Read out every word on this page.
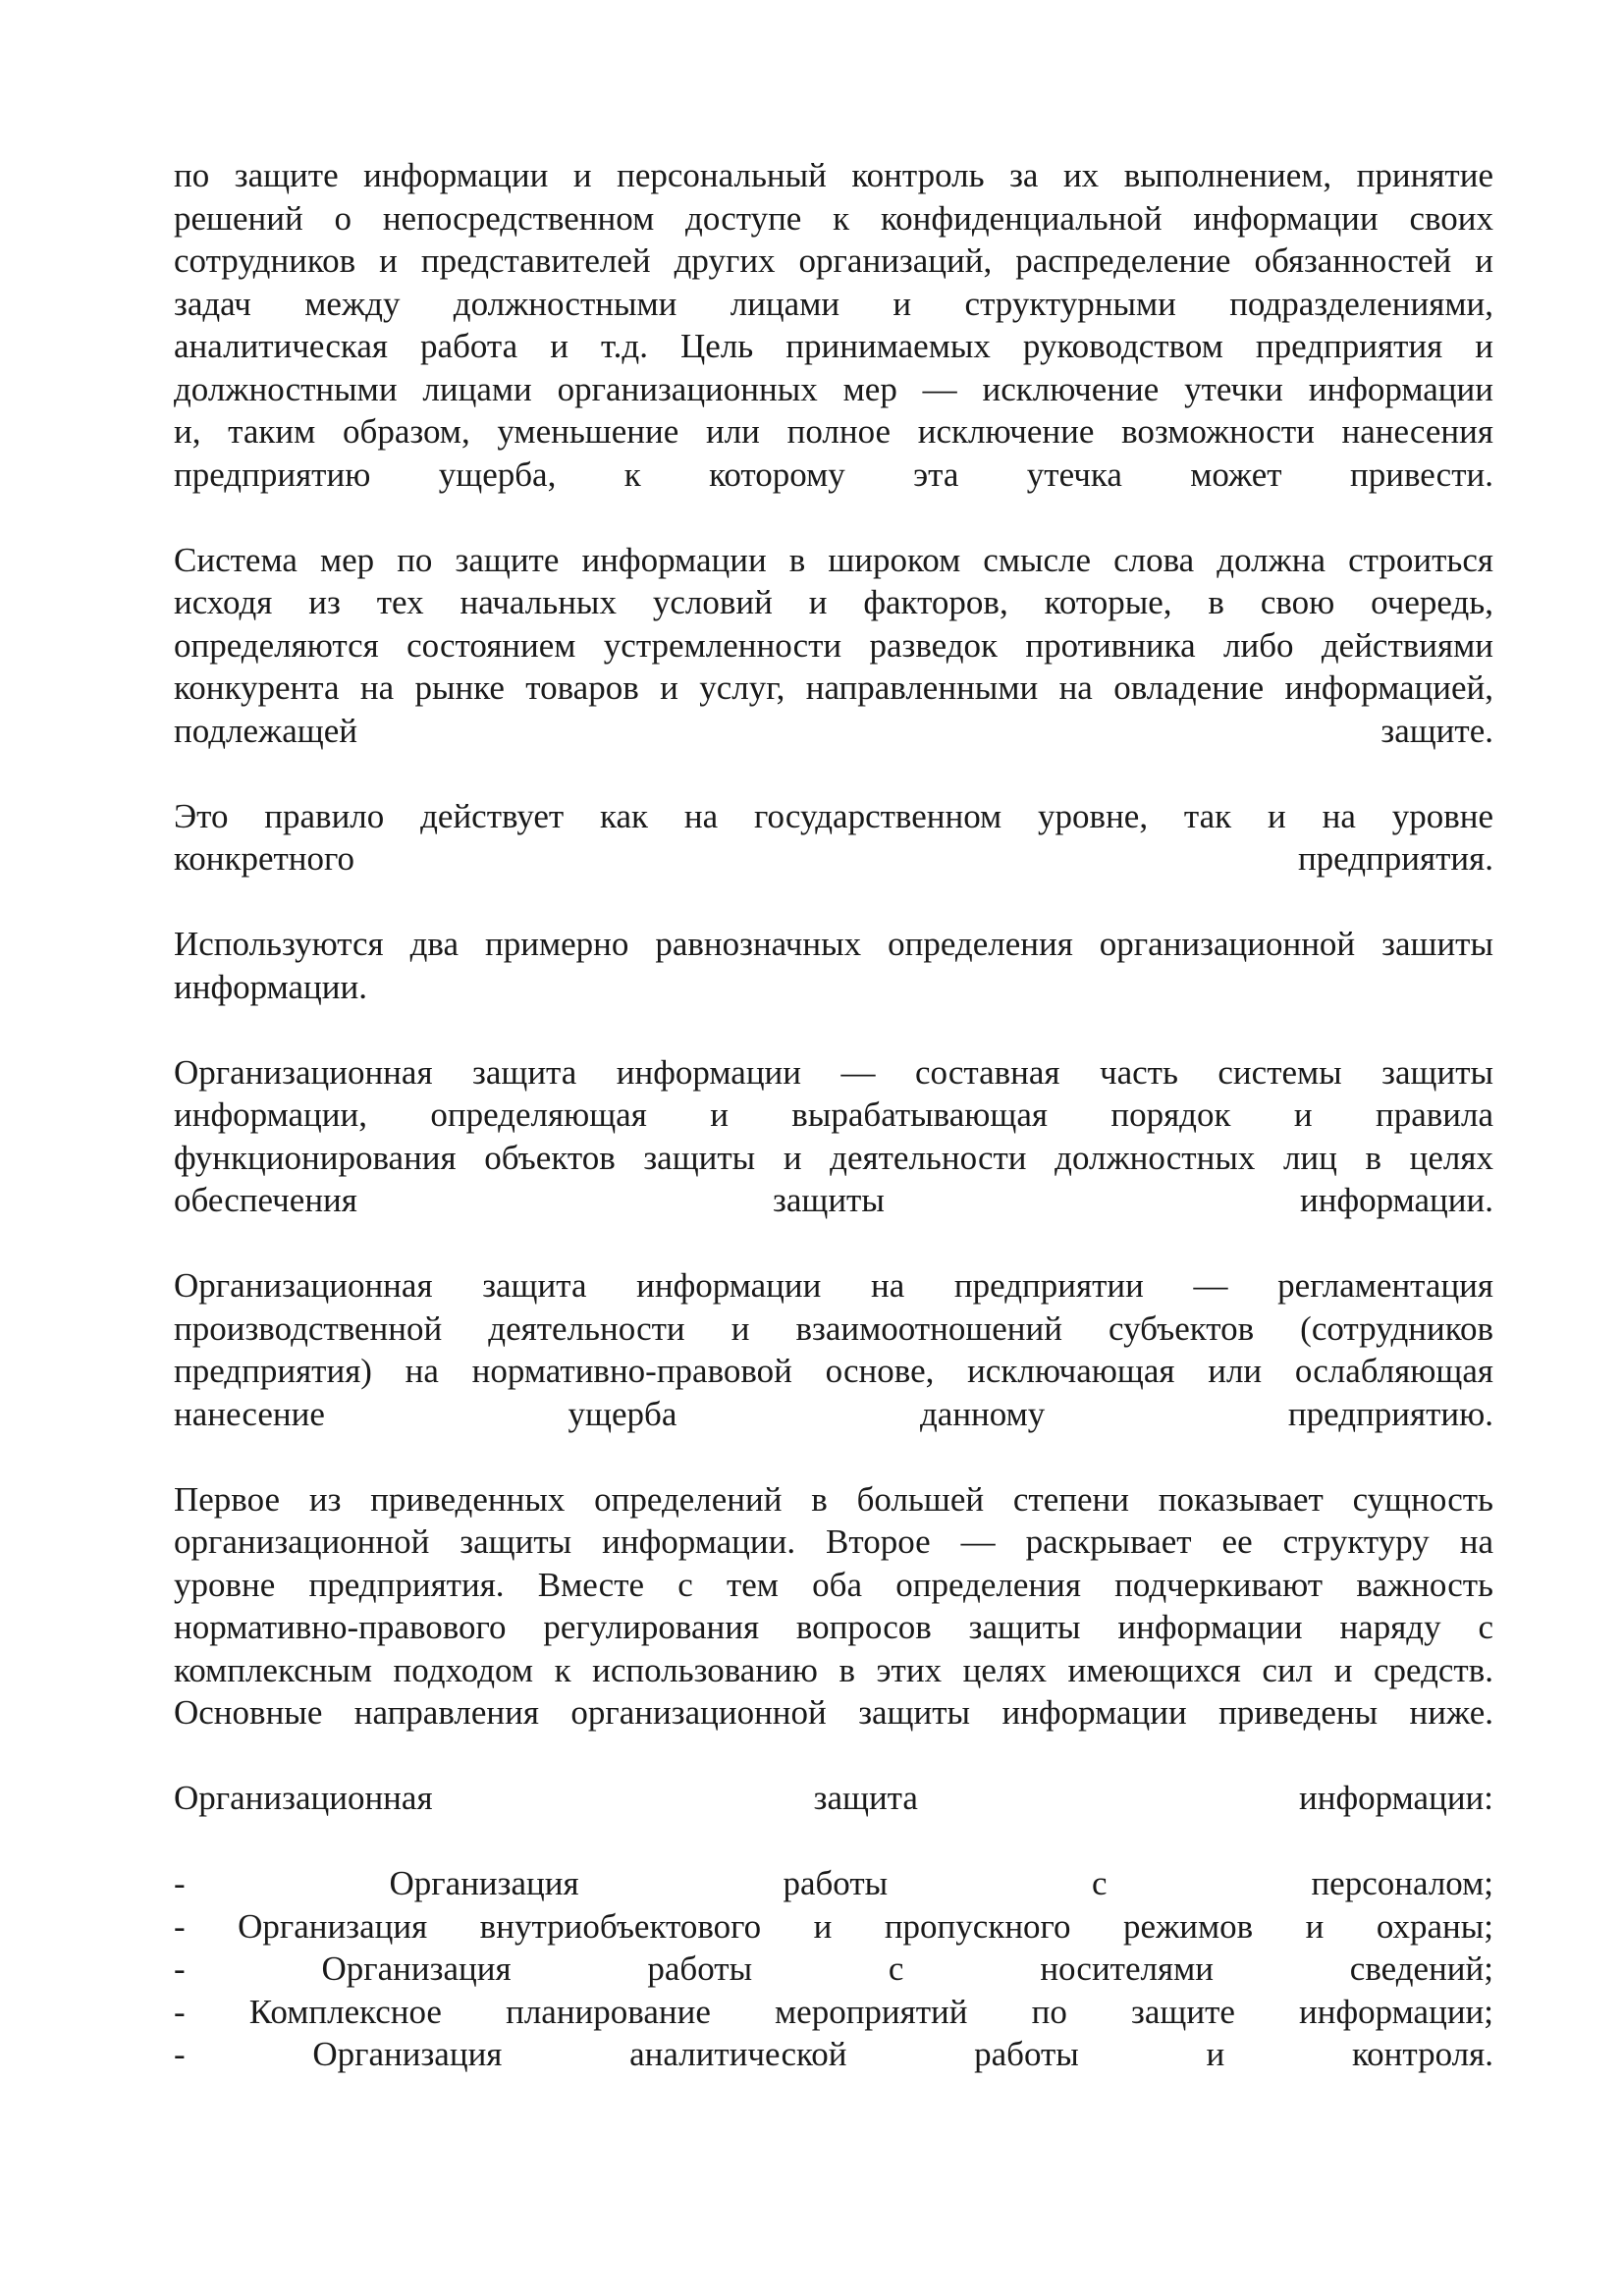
по защите информации и персональный контроль за их выполнением, принятие
решений о непосредственном доступе к конфиденциальной информации своих
сотрудников и представителей других организаций, распределение обязанностей и
задач между должностными лицами и структурными подразделениями,
аналитическая работа и т.д. Цель принимаемых руководством предприятия и
должностными лицами организационных мер — исключение утечки информации
и, таким образом, уменьшение или полное исключение возможности нанесения
предприятию ущерба, к которому эта утечка может привести.
Система мер по защите информации в широком смысле слова должна строиться
исходя из тех начальных условий и факторов, которые, в свою очередь,
определяются состоянием устремленности разведок противника либо действиями
конкурента на рынке товаров и услуг, направленными на овладение информацией,
подлежащей защите.
Это правило действует как на государственном уровне, так и на уровне
конкретного предприятия.
Используются два примерно равнозначных определения организационной зашиты
информации.
Организационная защита информации — составная часть системы защиты
информации, определяющая и вырабатывающая порядок и правила
функционирования объектов защиты и деятельности должностных лиц в целях
обеспечения защиты информации.
Организационная защита информации на предприятии — регламентация
производственной деятельности и взаимоотношений субъектов (сотрудников
предприятия) на нормативно-правовой основе, исключающая или ослабляющая
нанесение ущерба данному предприятию.
Первое из приведенных определений в большей степени показывает сущность
организационной защиты информации. Второе — раскрывает ее структуру на
уровне предприятия. Вместе с тем оба определения подчеркивают важность
нормативно-правового регулирования вопросов защиты информации наряду с
комплексным подходом к использованию в этих целях имеющихся сил и средств.
Основные направления организационной защиты информации приведены ниже.
Организационная защита информации:
- Организация работы с персоналом;
- Организация внутриобъектового и пропускного режимов и охраны;
- Организация работы с носителями сведений;
- Комплексное планирование мероприятий по защите информации;
- Организация аналитической работы и контроля.
